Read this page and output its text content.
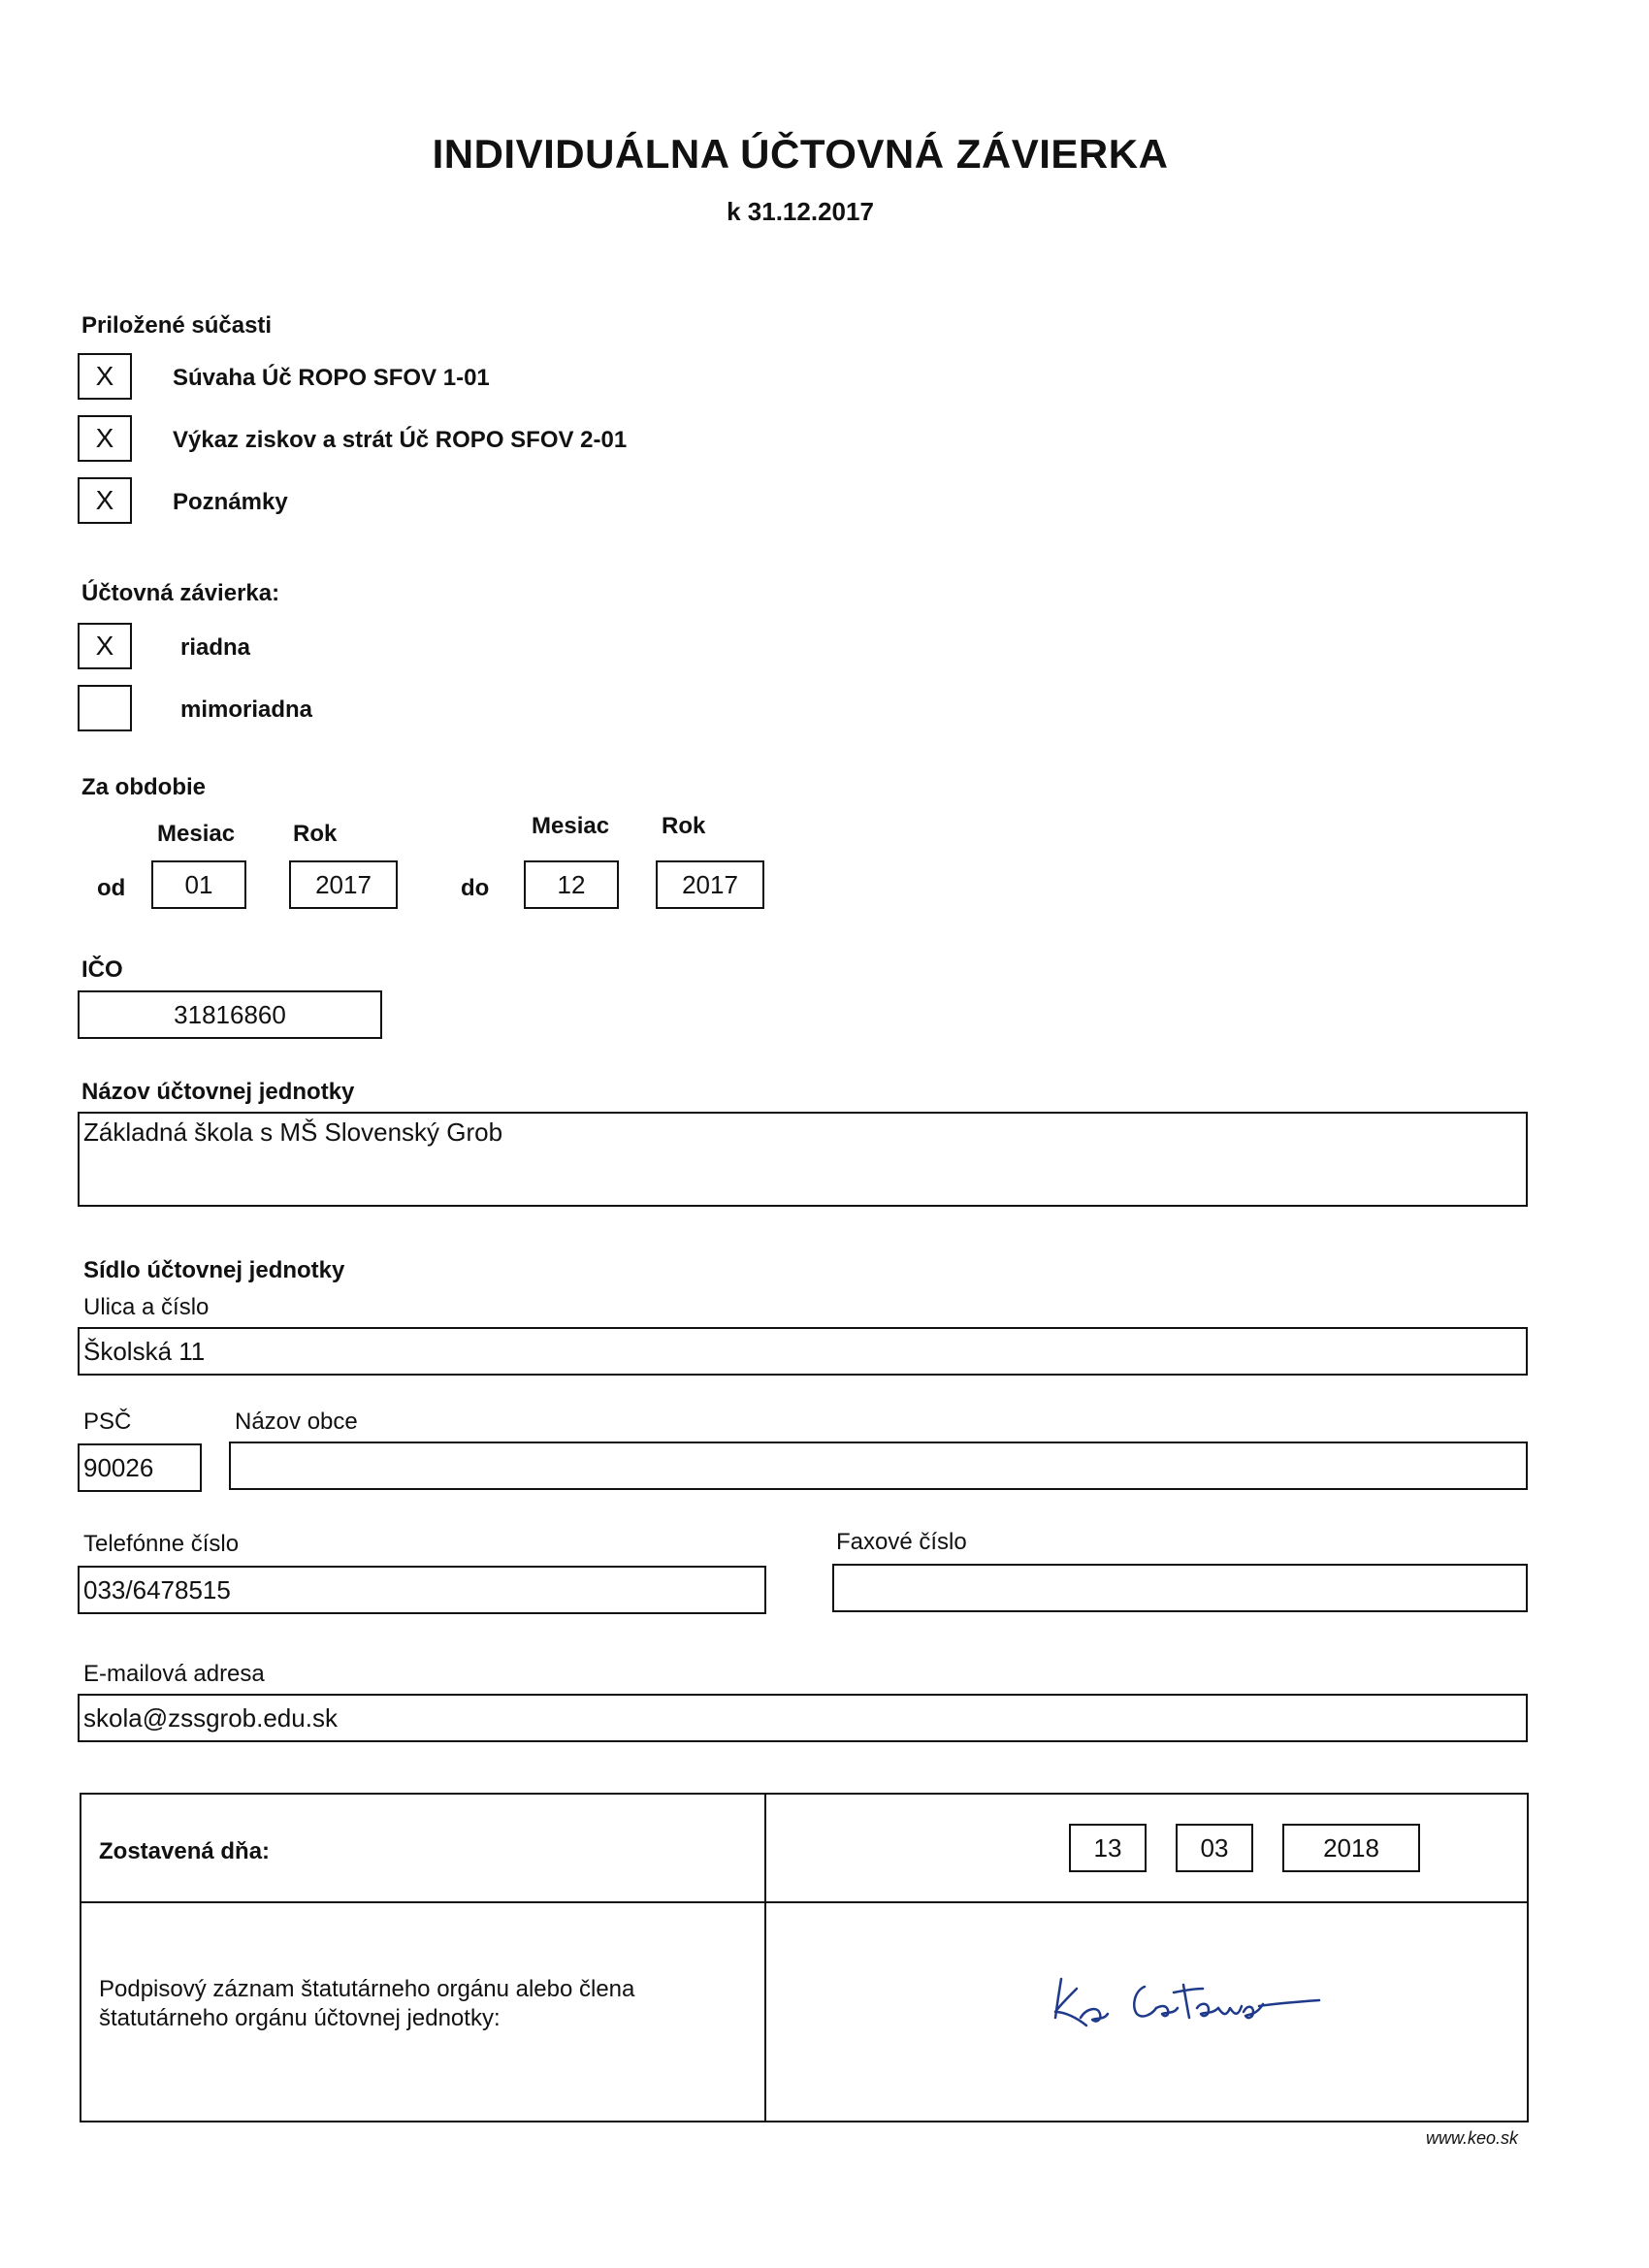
INDIVIDUÁLNA ÚČTOVNÁ ZÁVIERKA
k 31.12.2017
Priložené súčasti
X	Súvaha Úč ROPO SFOV 1-01
X	Výkaz ziskov a strát Úč ROPO SFOV 2-01
X	Poznámky
Účtovná závierka:
X	riadna
mimoriadna
Za obdobie
Mesiac Rok	Mesiac Rok
od	01	2017	do	12	2017
IČO
31816860
Názov účtovnej jednotky
Základná škola s MŠ Slovenský Grob
Sídlo účtovnej jednotky
Ulica a číslo
Školská 11
PSČ	Názov obce
90026
Telefónne číslo	Faxové číslo
033/6478515
E-mailová adresa
skola@zssgrob.edu.sk
Zostavená dňa:	13	03	2018
Podpisový záznam štatutárneho orgánu alebo člena štatutárneho orgánu účtovnej jednotky:
www.keo.sk
